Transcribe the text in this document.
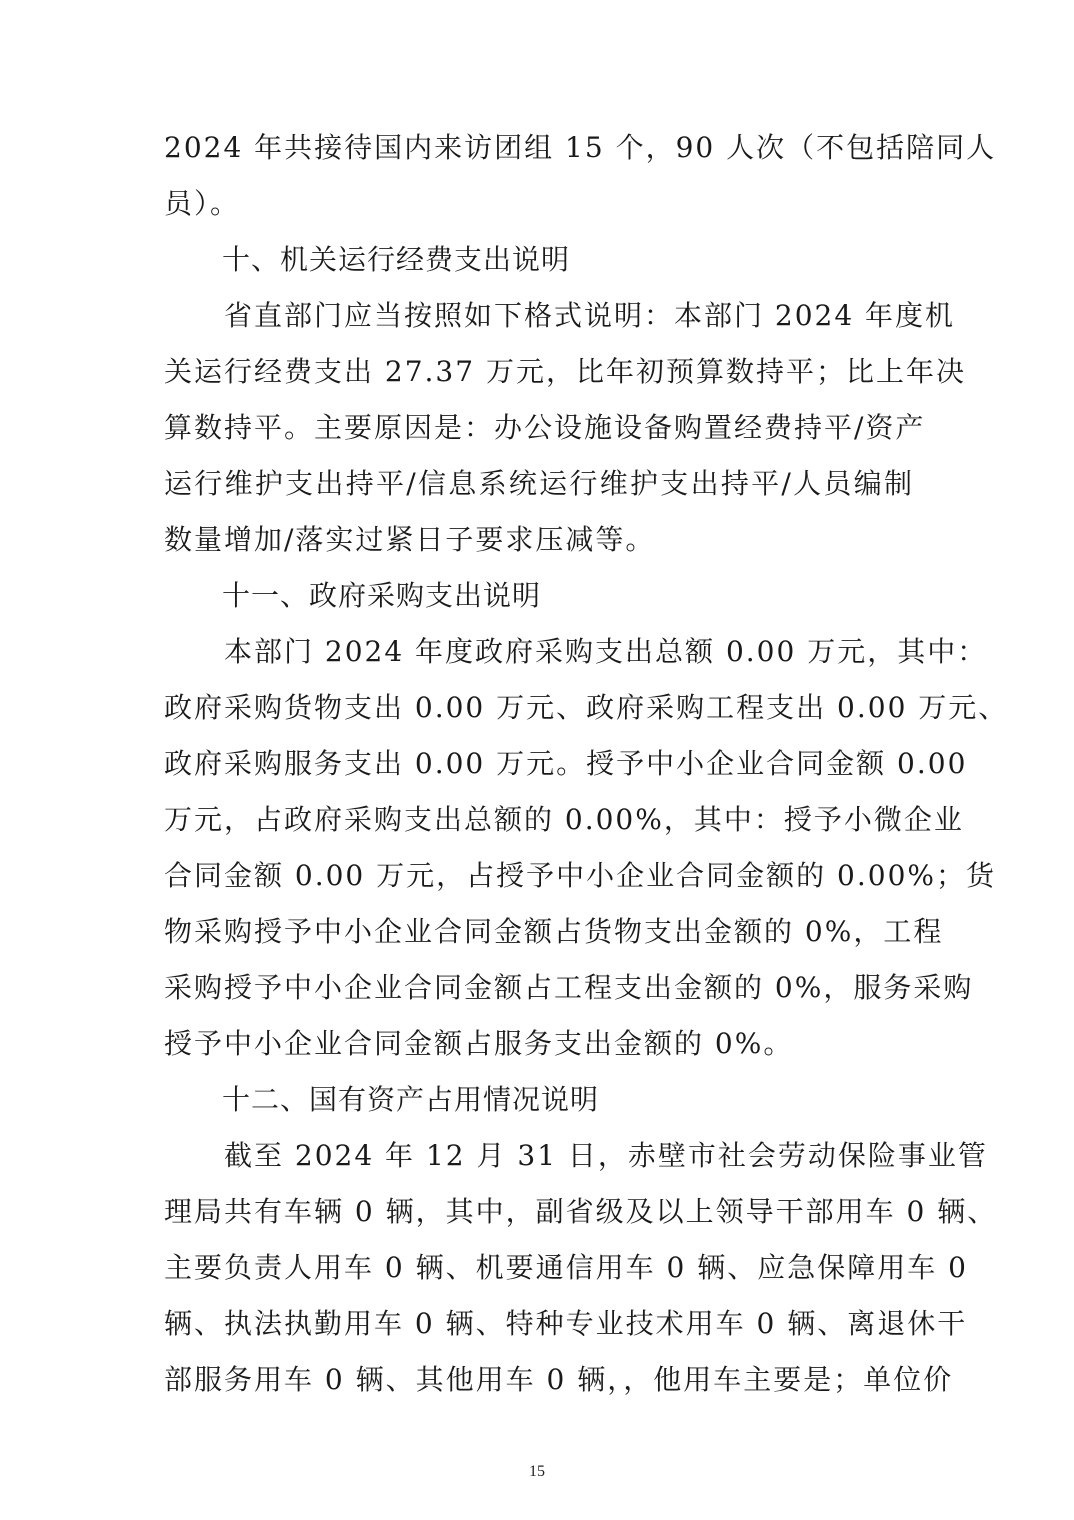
2024 年共接待国内来访团组 15 个，90 人次（不包括陪同人
员）。
十、机关运行经费支出说明
　　省直部门应当按照如下格式说明：本部门 2024 年度机
关运行经费支出 27.37 万元，比年初预算数持平；比上年决
算数持平。主要原因是：办公设施设备购置经费持平/资产
运行维护支出持平/信息系统运行维护支出持平/人员编制
数量增加/落实过紧日子要求压减等。
十一、政府采购支出说明
　　本部门 2024 年度政府采购支出总额 0.00 万元，其中：
政府采购货物支出 0.00 万元、政府采购工程支出 0.00 万元、
政府采购服务支出 0.00 万元。授予中小企业合同金额 0.00
万元，占政府采购支出总额的 0.00%，其中：授予小微企业
合同金额 0.00 万元，占授予中小企业合同金额的 0.00%；货
物采购授予中小企业合同金额占货物支出金额的 0%，工程
采购授予中小企业合同金额占工程支出金额的 0%，服务采购
授予中小企业合同金额占服务支出金额的 0%。
十二、国有资产占用情况说明
　　截至 2024 年 12 月 31 日，赤壁市社会劳动保险事业管
理局共有车辆 0 辆，其中，副省级及以上领导干部用车 0 辆、
主要负责人用车 0 辆、机要通信用车 0 辆、应急保障用车 0
辆、执法执勤用车 0 辆、特种专业技术用车 0 辆、离退休干
部服务用车 0 辆、其他用车 0 辆，，他用车主要是；单位价
15
